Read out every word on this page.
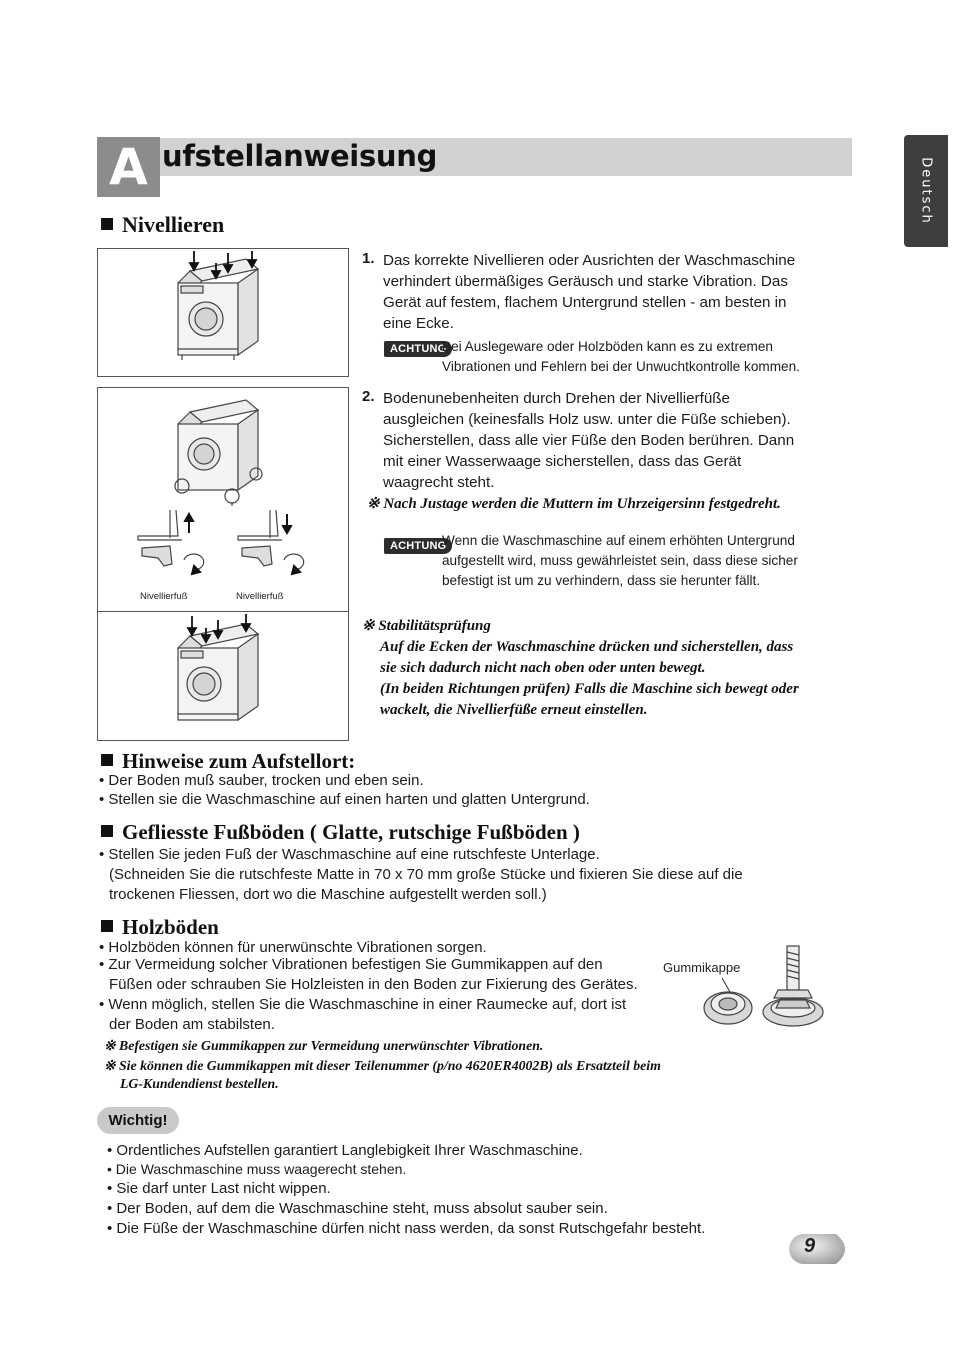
A ufstellanweisung
Deutsch
Nivellieren
Nivellierfuß	Nivellierfuß
1. Das korrekte Nivellieren oder Ausrichten der Waschmaschine
verhindert übermäßiges Geräusch und starke Vibration. Das
Gerät auf festem, flachem Untergrund stellen - am besten in
eine Ecke.
ACHTUNG
Bei Auslegeware oder Holzböden kann es zu extremen
Vibrationen und Fehlern bei der Unwuchtkontrolle kommen.
2. Bodenunebenheiten durch Drehen der Nivellierfüße
ausgleichen (keinesfalls Holz usw. unter die Füße schieben).
Sicherstellen, dass alle vier Füße den Boden berühren. Dann
mit einer Wasserwaage sicherstellen, dass das Gerät
waagrecht steht.
※ Nach Justage werden die Muttern im Uhrzeigersinn festgedreht.
ACHTUNG
Wenn die Waschmaschine auf einem erhöhten Untergrund
aufgestellt wird, muss gewährleistet sein, dass diese sicher
befestigt ist um zu verhindern, dass sie herunter fällt.
※ Stabilitätsprüfung
Auf die Ecken der Waschmaschine drücken und sicherstellen, dass
sie sich dadurch nicht nach oben oder unten bewegt.
(In beiden Richtungen prüfen) Falls die Maschine sich bewegt oder
wackelt, die Nivellierfüße erneut einstellen.
Hinweise zum Aufstellort:
• Der Boden muß sauber, trocken und eben sein.
• Stellen sie die Waschmaschine auf einen harten und glatten Untergrund.
Gefliesste Fußböden ( Glatte, rutschige Fußböden )
• Stellen Sie jeden Fuß der Waschmaschine auf eine rutschfeste Unterlage.
(Schneiden Sie die rutschfeste Matte in 70 x 70 mm große Stücke und fixieren Sie diese auf die
trockenen Fliessen, dort wo die Maschine aufgestellt werden soll.)
Holzböden
• Holzböden können für unerwünschte Vibrationen sorgen.
• Zur Vermeidung solcher Vibrationen befestigen Sie Gummikappen auf den
Füßen oder schrauben Sie Holzleisten in den Boden zur Fixierung des Gerätes.
• Wenn möglich, stellen Sie die Waschmaschine in einer Raumecke auf, dort ist
der Boden am stabilsten.
Gummikappe
※ Befestigen sie Gummikappen zur Vermeidung unerwünschter Vibrationen.
※ Sie können die Gummikappen mit dieser Teilenummer (p/no 4620ER4002B) als Ersatzteil beim
LG-Kundendienst bestellen.
Wichtig!
• Ordentliches Aufstellen garantiert Langlebigkeit Ihrer Waschmaschine.
• Die Waschmaschine muss waagerecht stehen.
• Sie darf unter Last nicht wippen.
• Der Boden, auf dem die Waschmaschine steht, muss absolut sauber sein.
• Die Füße der Waschmaschine dürfen nicht nass werden, da sonst Rutschgefahr besteht.
9
